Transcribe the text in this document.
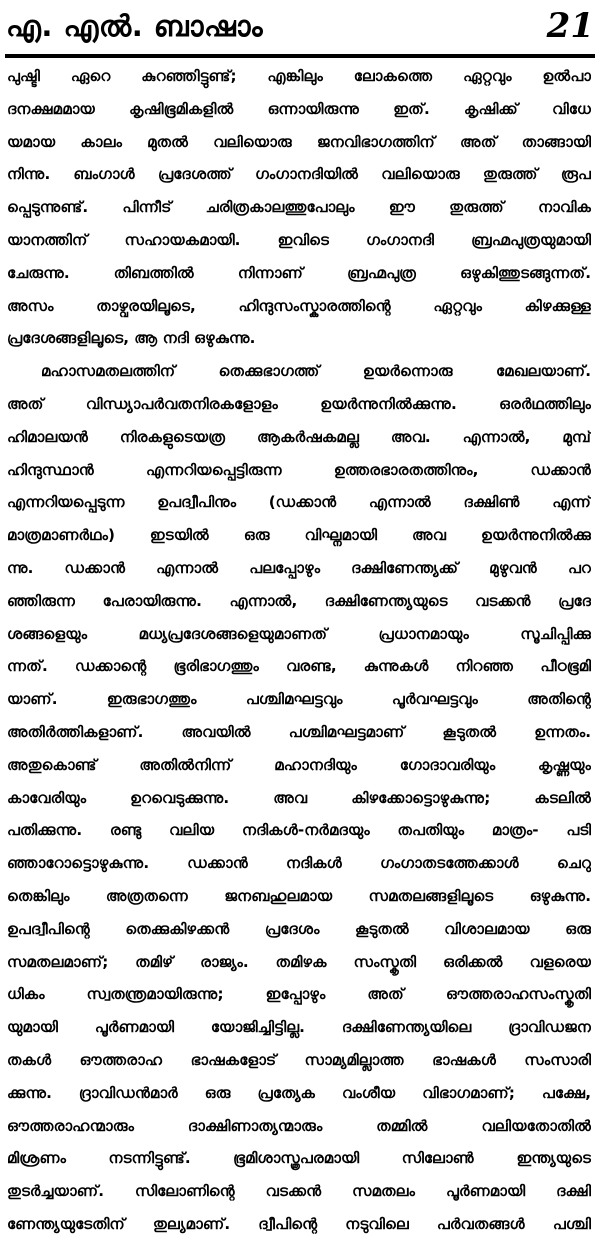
എ. എൽ. ബാഷാം	21
പുഷ്ടി ഏറെ കുറഞ്ഞിട്ടുണ്ട്; എങ്കിലും ലോകത്തെ ഏറ്റവും ഉൽപാ
ദനക്ഷമമായ കൃഷിഭൂമികളിൽ ഒന്നായിരുന്നു ഇത്. കൃഷിക്ക് വിധേ
യമായ കാലം മുതൽ വലിയൊരു ജനവിഭാഗത്തിന് അത് താങ്ങായി
നിന്നു. ബംഗാൾ പ്രദേശത്ത് ഗംഗാനദിയിൽ വലിയൊരു തുരുത്ത് രൂപ
പ്പെടുന്നുണ്ട്. പിന്നീട് ചരിത്രകാലത്തുപോലും ഈ തുരുത്ത് നാവിക
യാനത്തിന് സഹായകമായി. ഇവിടെ ഗംഗാനദി ബ്രഹ്മപുത്രയുമായി
ചേരുന്നു. തിബത്തിൽ നിന്നാണ് ബ്രഹ്മപുത്ര ഒഴുകിത്തുടങ്ങുന്നത്.
അസം താഴ്വരയിലൂടെ, ഹിന്ദുസംസ്കാരത്തിന്റെ ഏറ്റവും കിഴക്കുള്ള
പ്രദേശങ്ങളിലൂടെ, ആ നദി ഒഴുകുന്നു.
മഹാസമതലത്തിന് തെക്കുഭാഗത്ത് ഉയർന്നൊരു മേഖലയാണ്.
അത് വിന്ധ്യാപർവതനിരകളോളം ഉയർന്നുനിൽക്കുന്നു. ഒരർഥത്തിലും
ഹിമാലയൻ നിരകളുടെയത്ര ആകർഷകമല്ല അവ. എന്നാൽ, മുമ്പ്
ഹിന്ദുസ്ഥാൻ എന്നറിയപ്പെട്ടിരുന്ന ഉത്തരഭാരതത്തിനും, ഡക്കാൻ
എന്നറിയപ്പെടുന്ന ഉപദ്വീപിനും (ഡക്കാൻ എന്നാൽ ദക്ഷിൺ എന്ന്
മാത്രമാണർഥം) ഇടയിൽ ഒരു വിഘ്നമായി അവ ഉയർന്നുനിൽക്കു
ന്നു. ഡക്കാൻ എന്നാൽ പലപ്പോഴും ദക്ഷിണേന്ത്യക്ക് മുഴുവൻ പറ
ഞ്ഞിരുന്ന പേരായിരുന്നു. എന്നാൽ, ദക്ഷിണേന്ത്യയുടെ വടക്കൻ പ്രദേ
ശങ്ങളെയും മധ്യപ്രദേശങ്ങളെയുമാണത് പ്രധാനമായും സൂചിപ്പിക്കു
ന്നത്. ഡക്കാന്റെ ഭൂരിഭാഗത്തും വരണ്ട, കുന്നുകൾ നിറഞ്ഞ പീഠഭൂമി
യാണ്. ഇരുഭാഗത്തും പശ്ചിമഘട്ടവും പൂർവഘട്ടവും അതിന്റെ
അതിർത്തികളാണ്. അവയിൽ പശ്ചിമഘട്ടമാണ് കൂടുതൽ ഉന്നതം.
അതുകൊണ്ട് അതിൽനിന്ന് മഹാനദിയും ഗോദാവരിയും കൃഷ്ണയും
കാവേരിയും ഉറവെടുക്കുന്നു. അവ കിഴക്കോട്ടൊഴുകുന്നു; കടലിൽ
പതിക്കുന്നു. രണ്ടു വലിയ നദികൾ-നർമദയും തപതിയും മാത്രം- പടി
ഞ്ഞാറോട്ടൊഴുകുന്നു. ഡക്കാൻ നദികൾ ഗംഗാതടത്തേക്കാൾ ചെറു
തെങ്കിലും അത്രതന്നെ ജനബഹുലമായ സമതലങ്ങളിലൂടെ ഒഴുകുന്നു.
ഉപദ്വീപിന്റെ തെക്കുകിഴക്കൻ പ്രദേശം കൂടുതൽ വിശാലമായ ഒരു
സമതലമാണ്; തമിഴ് രാജ്യം. തമിഴക സംസ്കൃതി ഒരിക്കൽ വളരെയ
ധികം സ്വതന്ത്രമായിരുന്നു; ഇപ്പോഴും അത് ഔത്തരാഹസംസ്കൃതി
യുമായി പൂർണമായി യോജിച്ചിട്ടില്ല. ദക്ഷിണേന്ത്യയിലെ ദ്രാവിഡജന
തകൾ ഔത്തരാഹ ഭാഷകളോട് സാമ്യമില്ലാത്ത ഭാഷകൾ സംസാരി
ക്കുന്നു. ദ്രാവിഡൻമാർ ഒരു പ്രത്യേക വംശീയ വിഭാഗമാണ്; പക്ഷേ,
ഔത്തരാഹന്മാരും ദാക്ഷിണാത്യന്മാരും തമ്മിൽ വലിയതോതിൽ
മിശ്രണം നടന്നിട്ടുണ്ട്. ഭൂമിശാസ്ത്രപരമായി സിലോൺ ഇന്ത്യയുടെ
തുടർച്ചയാണ്. സിലോണിന്റെ വടക്കൻ സമതലം പൂർണമായി ദക്ഷി
ണേന്ത്യയുടേതിന് തുല്യമാണ്. ദ്വീപിന്റെ നടുവിലെ പർവതങ്ങൾ പശ്ചി
